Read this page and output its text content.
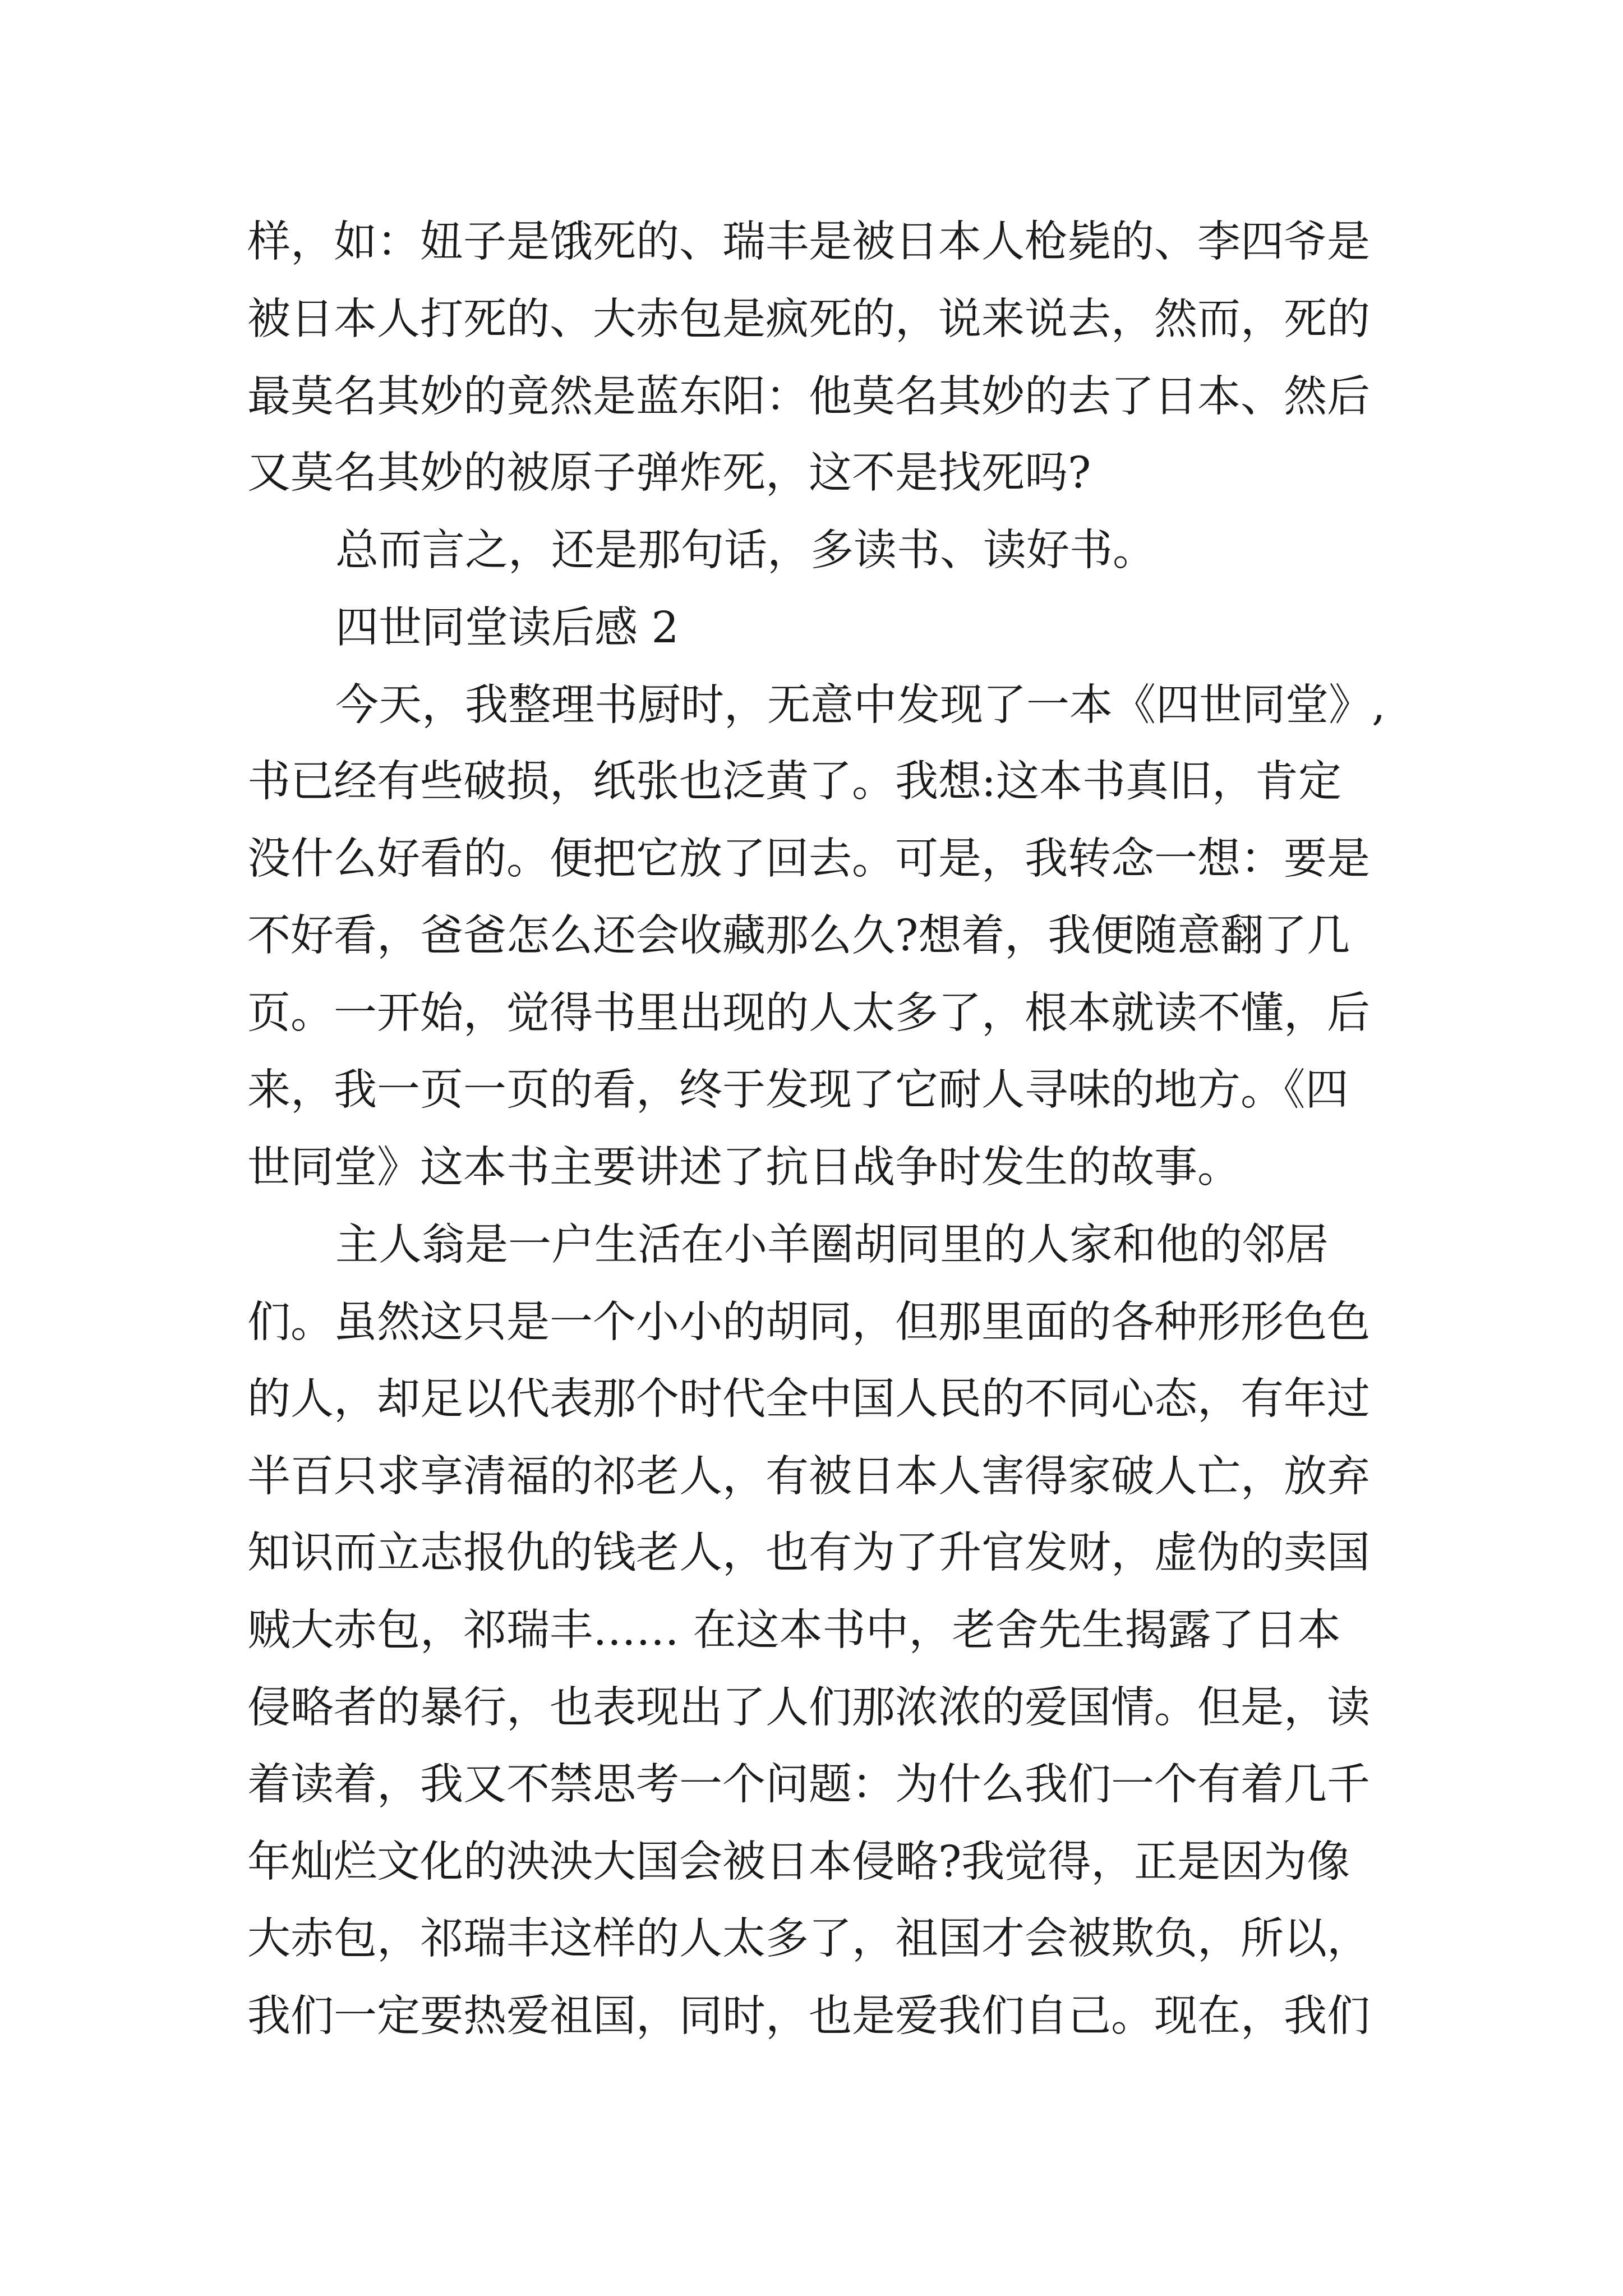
样，如：妞子是饿死的、瑞丰是被日本人枪毙的、李四爷是
被日本人打死的、大赤包是疯死的，说来说去，然而，死的
最莫名其妙的竟然是蓝东阳：他莫名其妙的去了日本、然后
又莫名其妙的被原子弹炸死，这不是找死吗?
总而言之，还是那句话，多读书、读好书。
四世同堂读后感 2
今天，我整理书厨时，无意中发现了一本《四世同堂》,
书已经有些破损，纸张也泛黄了。我想:这本书真旧，肯定
没什么好看的。便把它放了回去。可是，我转念一想：要是
不好看，爸爸怎么还会收藏那么久?想着，我便随意翻了几
页。一开始，觉得书里出现的人太多了，根本就读不懂，后
来，我一页一页的看，终于发现了它耐人寻味的地方。《四
世同堂》这本书主要讲述了抗日战争时发生的故事。
主人翁是一户生活在小羊圈胡同里的人家和他的邻居
们。虽然这只是一个小小的胡同，但那里面的各种形形色色
的人，却足以代表那个时代全中国人民的不同心态，有年过
半百只求享清福的祁老人，有被日本人害得家破人亡，放弃
知识而立志报仇的钱老人，也有为了升官发财，虚伪的卖国
贼大赤包，祁瑞丰…… 在这本书中，老舍先生揭露了日本
侵略者的暴行，也表现出了人们那浓浓的爱国情。但是，读
着读着，我又不禁思考一个问题：为什么我们一个有着几千
年灿烂文化的泱泱大国会被日本侵略?我觉得，正是因为像
大赤包，祁瑞丰这样的人太多了，祖国才会被欺负，所以，
我们一定要热爱祖国，同时，也是爱我们自己。现在，我们
